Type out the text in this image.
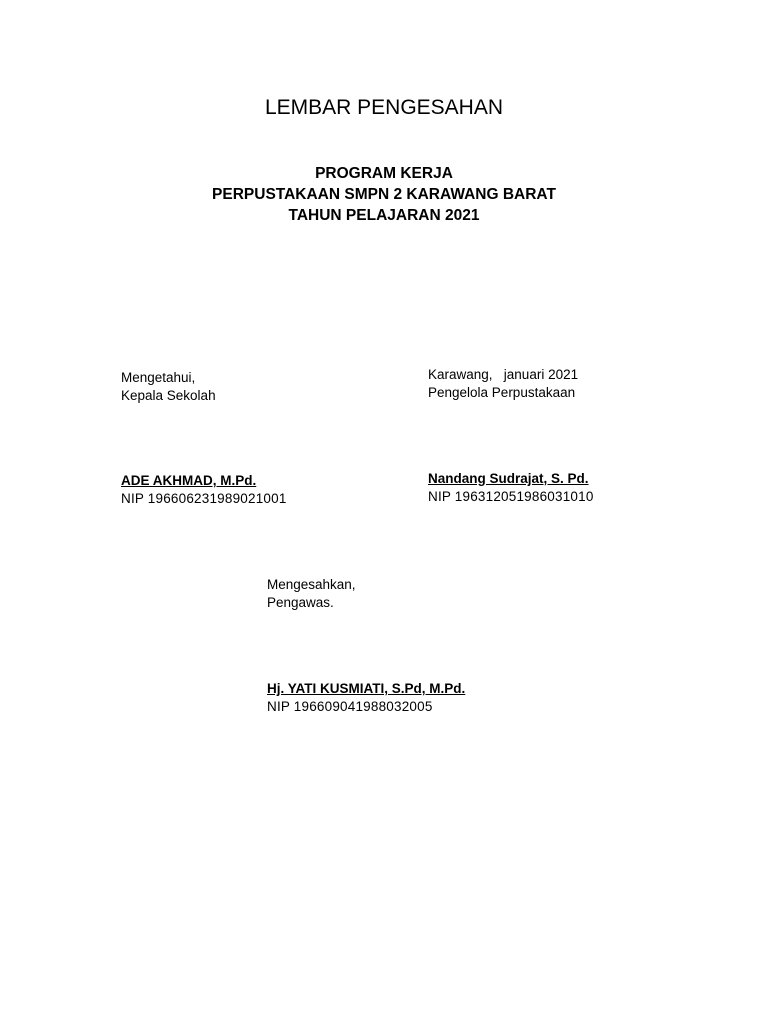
LEMBAR PENGESAHAN
PROGRAM KERJA
PERPUSTAKAAN SMPN 2 KARAWANG BARAT
TAHUN PELAJARAN 2021
Mengetahui,
Kepala Sekolah
ADE AKHMAD, M.Pd.
NIP 196606231989021001
Karawang,   januari 2021
Pengelola Perpustakaan
Nandang Sudrajat, S. Pd.
NIP 196312051986031010
Mengesahkan,
Pengawas.
Hj. YATI KUSMIATI, S.Pd, M.Pd.
NIP 196609041988032005
